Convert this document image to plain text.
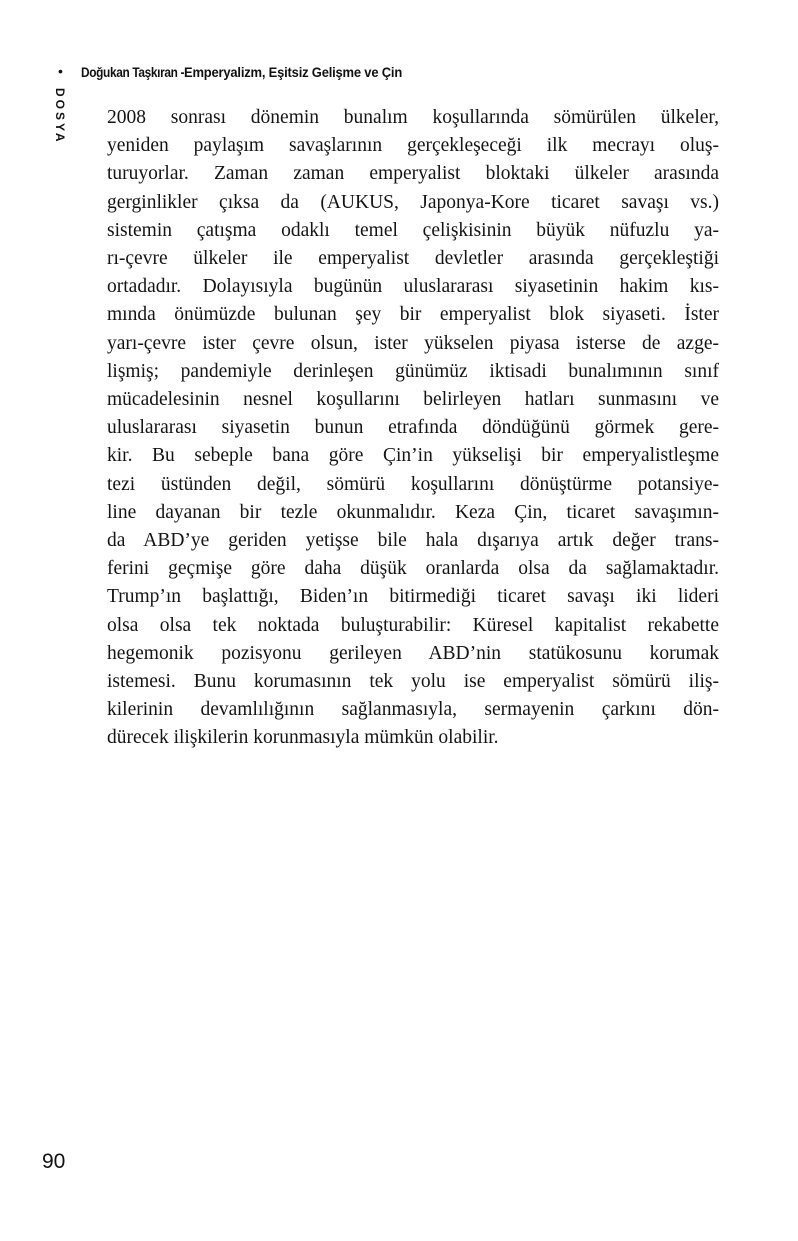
• Doğukan Taşkıran - Emperyalizm, Eşitsiz Gelişme ve Çin
DOSYA 2008 sonrası dönemin bunalım koşullarında sömürülen ülkeler,
yeniden paylaşım savaşlarının gerçekleşeceği ilk mecrayı oluş-
turuyorlar. Zaman zaman emperyalist bloktaki ülkeler arasında
gerginlikler çıksa da (AUKUS, Japonya-Kore ticaret savaşı vs.)
sistemin çatışma odaklı temel çelişkisinin büyük nüfuzlu ya-
rı-çevre ülkeler ile emperyalist devletler arasında gerçekleştiği
ortadadır. Dolayısıyla bugünün uluslararası siyasetinin hakim kıs-
mında önümüzde bulunan şey bir emperyalist blok siyaseti. İster
yarı-çevre ister çevre olsun, ister yükselen piyasa isterse de azge-
lişmiş; pandemiyle derinleşen günümüz iktisadi bunalımının sınıf
mücadelesinin nesnel koşullarını belirleyen hatları sunmasını ve
uluslararası siyasetin bunun etrafında döndüğünü görmek gere-
kir. Bu sebeple bana göre Çin’in yükselişi bir emperyalistleşme
tezi üstünden değil, sömürü koşullarını dönüştürme potansiye-
line dayanan bir tezle okunmalıdır. Keza Çin, ticaret savaşımın-
da ABD’ye geriden yetişse bile hala dışarıya artık değer trans-
ferini geçmişe göre daha düşük oranlarda olsa da sağlamaktadır.
Trump’ın başlattığı, Biden’ın bitirmediği ticaret savaşı iki lideri
olsa olsa tek noktada buluşturabilir: Küresel kapitalist rekabette
hegemonik pozisyonu gerileyen ABD’nin statükosunu korumak
istemesi. Bunu korumasının tek yolu ise emperyalist sömürü iliş-
kilerinin devamlılığının sağlanmasıyla, sermayenin çarkını dön-
dürecek ilişkilerin korunmasıyla mümkün olabilir.
90
